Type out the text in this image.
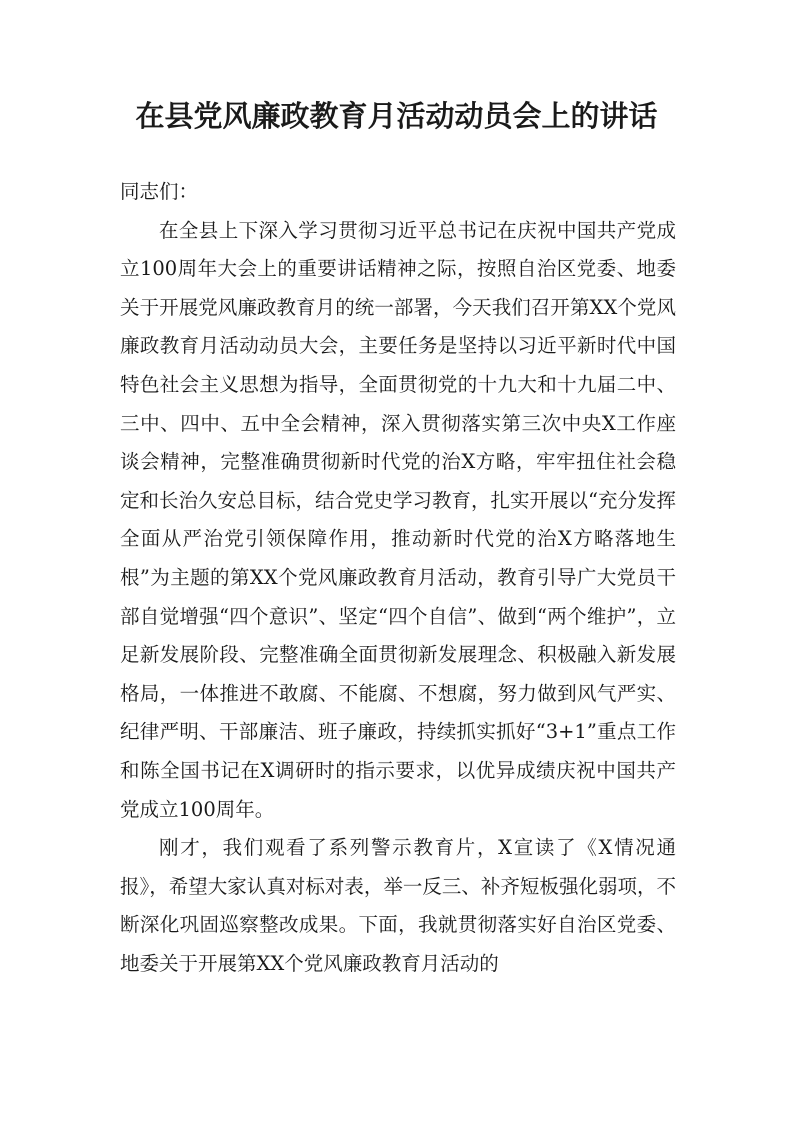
在县党风廉政教育月活动动员会上的讲话

同志们：

在全县上下深入学习贯彻习近平总书记在庆祝中国共产党成立100周年大会上的重要讲话精神之际，按照自治区党委、地委关于开展党风廉政教育月的统一部署，今天我们召开第XX个党风廉政教育月活动动员大会，主要任务是坚持以习近平新时代中国特色社会主义思想为指导，全面贯彻党的十九大和十九届二中、三中、四中、五中全会精神，深入贯彻落实第三次中央X工作座谈会精神，完整准确贯彻新时代党的治X方略，牢牢扭住社会稳定和长治久安总目标，结合党史学习教育，扎实开展以“充分发挥全面从严治党引领保障作用，推动新时代党的治X方略落地生根”为主题的第XX个党风廉政教育月活动，教育引导广大党员干部自觉增强“四个意识”、坚定“四个自信”、做到“两个维护”，立足新发展阶段、完整准确全面贯彻新发展理念、积极融入新发展格局，一体推进不敢腐、不能腐、不想腐，努力做到风气严实、纪律严明、干部廉洁、班子廉政，持续抓实抓好“3+1”重点工作和陈全国书记在X调研时的指示要求，以优异成绩庆祝中国共产党成立100周年。

刚才，我们观看了系列警示教育片，X宣读了《X情况通报》，希望大家认真对标对表，举一反三、补齐短板强化弱项，不断深化巩固巡察整改成果。下面，我就贯彻落实好自治区党委、地委关于开展第XX个党风廉政教育月活动的
